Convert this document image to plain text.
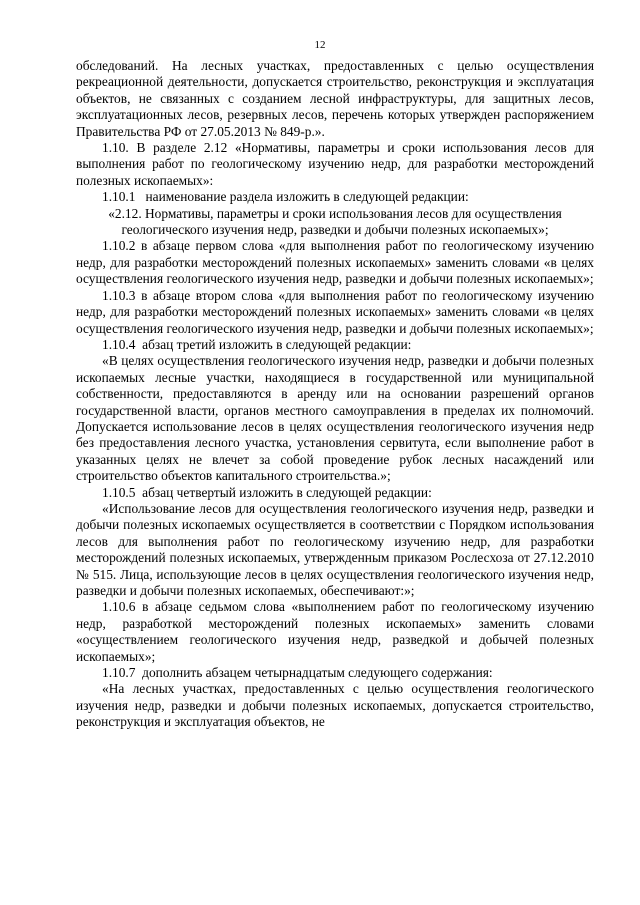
12

обследований. На лесных участках, предоставленных с целью осуществления рекреационной деятельности, допускается строительство, реконструкция и эксплуатация объектов, не связанных с созданием лесной инфраструктуры, для защитных лесов, эксплуатационных лесов, резервных лесов, перечень которых утвержден распоряжением Правительства РФ от 27.05.2013 № 849-р.».

1.10. В разделе 2.12 «Нормативы, параметры и сроки использования лесов для выполнения работ по геологическому изучению недр, для разработки месторождений полезных ископаемых»:

1.10.1   наименование раздела изложить в следующей редакции:

«2.12. Нормативы, параметры и сроки использования лесов для осуществления геологического изучения недр, разведки и добычи полезных ископаемых»;

1.10.2 в абзаце первом слова «для выполнения работ по геологическому изучению недр, для разработки месторождений полезных ископаемых» заменить словами «в целях осуществления геологического изучения недр, разведки и добычи полезных ископаемых»;

1.10.3 в абзаце втором слова «для выполнения работ по геологическому изучению недр, для разработки месторождений полезных ископаемых» заменить словами «в целях осуществления геологического изучения недр, разведки и добычи полезных ископаемых»;

1.10.4  абзац третий изложить в следующей редакции:

«В целях осуществления геологического изучения недр, разведки и добычи полезных ископаемых лесные участки, находящиеся в государственной или муниципальной собственности, предоставляются в аренду или на основании разрешений органов государственной власти, органов местного самоуправления в пределах их полномочий. Допускается использование лесов в целях осуществления геологического изучения недр без предоставления лесного участка, установления сервитута, если выполнение работ в указанных целях не влечет за собой проведение рубок лесных насаждений или строительство объектов капитального строительства.»;

1.10.5  абзац четвертый изложить в следующей редакции:

«Использование лесов для осуществления геологического изучения недр, разведки и добычи полезных ископаемых осуществляется в соответствии с Порядком использования лесов для выполнения работ по геологическому изучению недр, для разработки месторождений полезных ископаемых, утвержденным приказом Рослесхоза от 27.12.2010 № 515. Лица, использующие лесов в целях осуществления геологического изучения недр, разведки и добычи полезных ископаемых, обеспечивают:»;

1.10.6 в абзаце седьмом слова «выполнением работ по геологическому изучению недр, разработкой месторождений полезных ископаемых» заменить словами «осуществлением геологического изучения недр, разведкой и добычей полезных ископаемых»;

1.10.7  дополнить абзацем четырнадцатым следующего содержания:

«На лесных участках, предоставленных с целью осуществления геологического изучения недр, разведки и добычи полезных ископаемых, допускается строительство, реконструкция и эксплуатация объектов, не
